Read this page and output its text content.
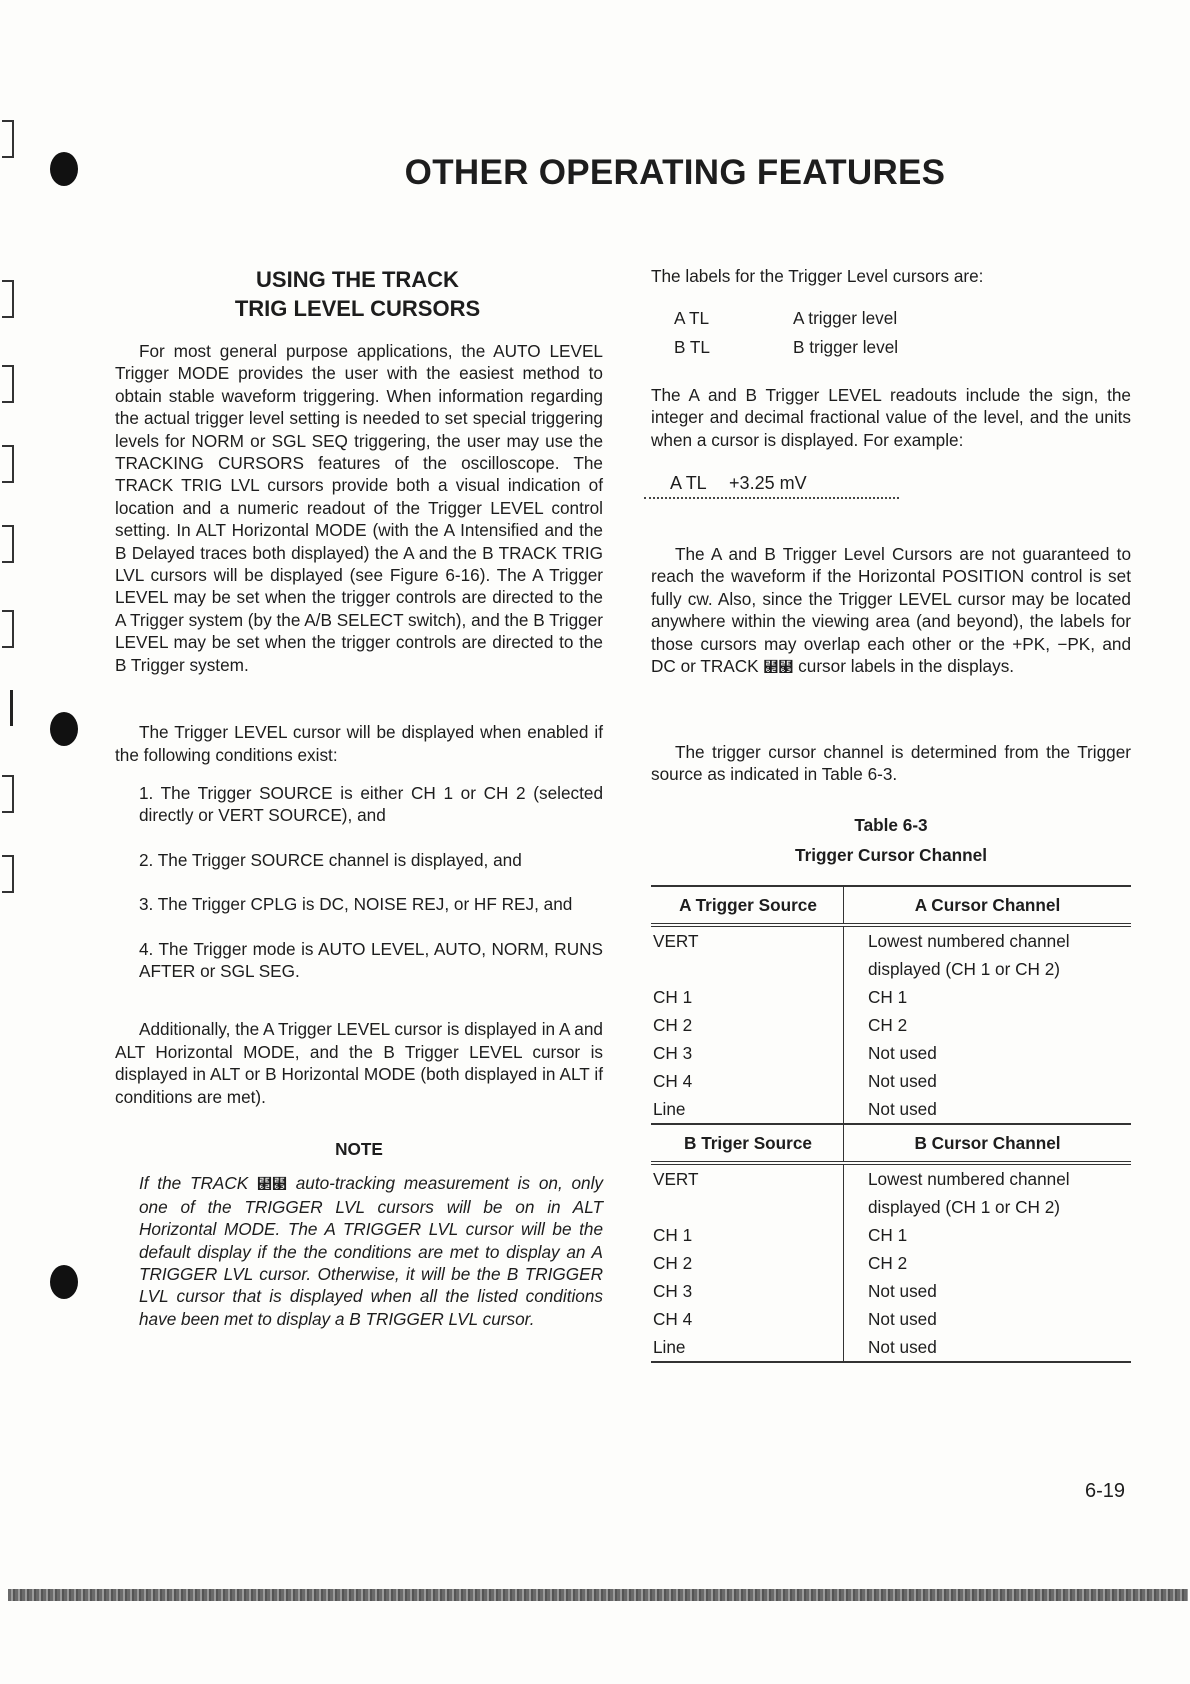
OTHER OPERATING FEATURES
USING THE TRACK
TRIG LEVEL CURSORS

For most general purpose applications, the AUTO LEVEL Trigger MODE provides the user with the easiest method to obtain stable waveform triggering. When information regarding the actual trigger level setting is needed to set special triggering levels for NORM or SGL SEQ triggering, the user may use the TRACKING CURSORS features of the oscilloscope. The TRACK TRIG LVL cursors provide both a visual indication of location and a numeric readout of the Trigger LEVEL control setting. In ALT Horizontal MODE (with the A Intensified and the B Delayed traces both displayed) the A and the B TRACK TRIG LVL cursors will be displayed (see Figure 6-16). The A Trigger LEVEL may be set when the trigger controls are directed to the A Trigger system (by the A/B SELECT switch), and the B Trigger LEVEL may be set when the trigger controls are directed to the B Trigger system.

The Trigger LEVEL cursor will be displayed when enabled if the following conditions exist:

1. The Trigger SOURCE is either CH 1 or CH 2 (selected directly or VERT SOURCE), and

2. The Trigger SOURCE channel is displayed, and

3. The Trigger CPLG is DC, NOISE REJ, or HF REJ, and

4. The Trigger mode is AUTO LEVEL, AUTO, NORM, RUNS AFTER or SGL SEG.

Additionally, the A Trigger LEVEL cursor is displayed in A and ALT Horizontal MODE, and the B Trigger LEVEL cursor is displayed in ALT or B Horizontal MODE (both displayed in ALT if conditions are met).

NOTE

If the TRACK ⹢⹣ auto-tracking measurement is on, only one of the TRIGGER LVL cursors will be on in ALT Horizontal MODE. The A TRIGGER LVL cursor will be the default display if the the conditions are met to display an A TRIGGER LVL cursor. Otherwise, it will be the B TRIGGER LVL cursor that is displayed when all the listed conditions have been met to display a B TRIGGER LVL cursor.

The labels for the Trigger Level cursors are:
A TL	A trigger level
B TL	B trigger level
The A and B Trigger LEVEL readouts include the sign, the integer and decimal fractional value of the level, and the units when a cursor is displayed. For example:
A TL +3.25 mV

The A and B Trigger Level Cursors are not guaranteed to reach the waveform if the Horizontal POSITION control is set fully cw. Also, since the Trigger LEVEL cursor may be located anywhere within the viewing area (and beyond), the labels for those cursors may overlap each other or the +PK, −PK, and DC or TRACK ⹢⹣ cursor labels in the displays.

The trigger cursor channel is determined from the Trigger source as indicated in Table 6-3.

Table 6-3
Trigger Cursor Channel
A Trigger Source	A Cursor Channel
VERT	Lowest numbered channel
	displayed (CH 1 or CH 2)
CH 1	CH 1
CH 2	CH 2
CH 3	Not used
CH 4	Not used
Line	Not used
B Triger Source	B Cursor Channel
VERT	Lowest numbered channel
	displayed (CH 1 or CH 2)
CH 1	CH 1
CH 2	CH 2
CH 3	Not used
CH 4	Not used
Line	Not used
6-19
